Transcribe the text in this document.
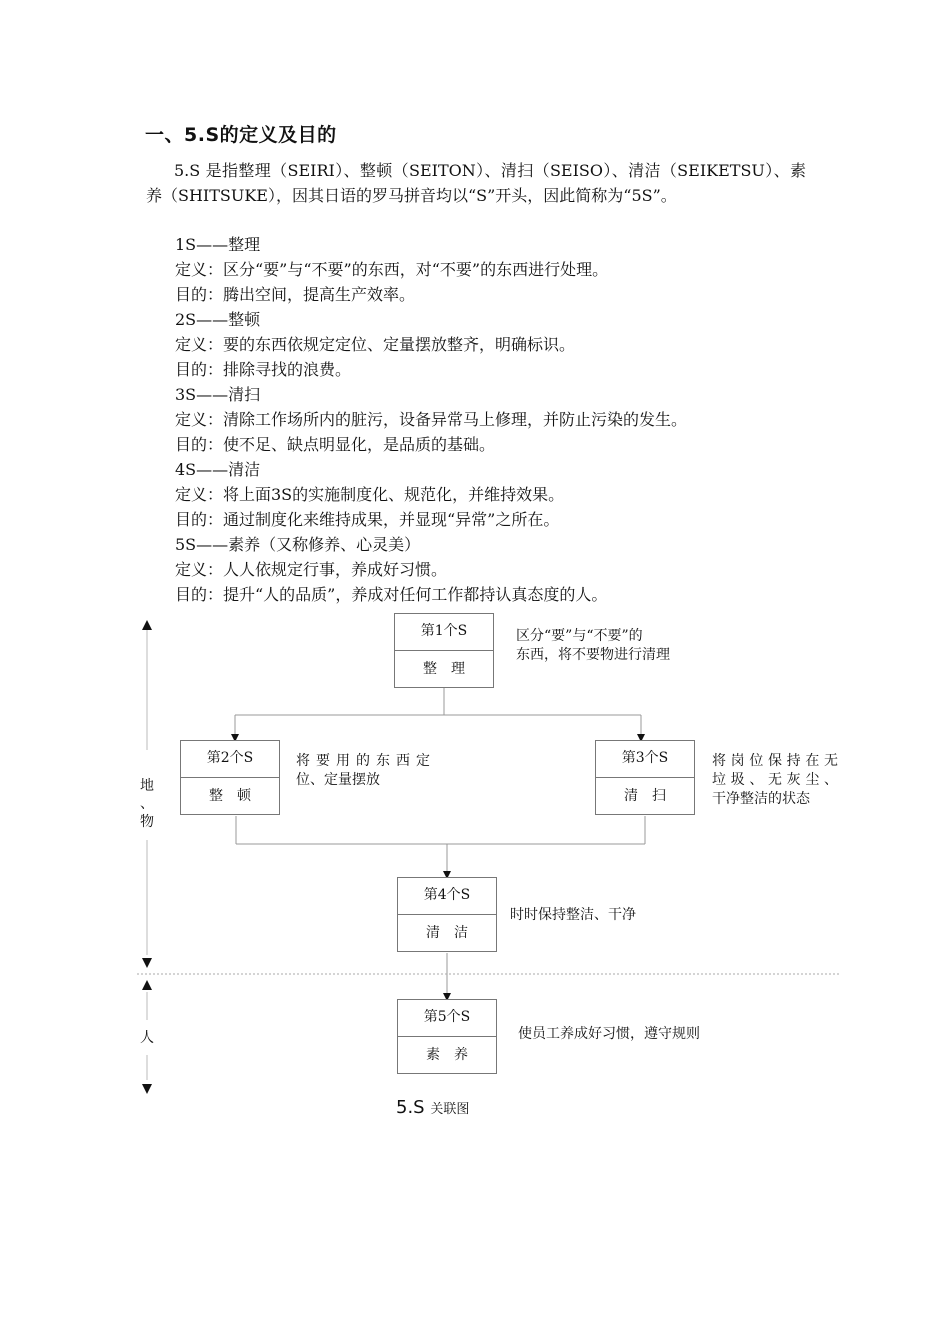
一、5.S的定义及目的
5.S 是指整理（SEIRI）、整顿（SEITON）、清扫（SEISO）、清洁（SEIKETSU）、素养（SHITSUKE），因其日语的罗马拼音均以“S”开头，因此简称为“5S”。
1S——整理
定义：区分“要”与“不要”的东西，对“不要”的东西进行处理。
目的：腾出空间，提高生产效率。
2S——整顿
定义：要的东西依规定定位、定量摆放整齐，明确标识。
目的：排除寻找的浪费。
3S——清扫
定义：清除工作场所内的脏污，设备异常马上修理，并防止污染的发生。
目的：使不足、缺点明显化，是品质的基础。
4S——清洁
定义：将上面3S的实施制度化、规范化，并维持效果。
目的：通过制度化来维持成果，并显现“异常”之所在。
5S——素养（又称修养、心灵美）
定义：人人依规定行事，养成好习惯。
目的：提升“人的品质”，养成对任何工作都持认真态度的人。
第1个S
整理
第2个S
整顿
第3个S
清扫
第4个S
清洁
第5个S
素养
区分“要”与“不要”的
东西，将不要物进行清理
将要用的东西定
位、定量摆放
将岗位保持在无
垃圾、无灰尘、
干净整洁的状态
时时保持整洁、干净
使员工养成好习惯，遵守规则
地
、
物
人
5.S 关联图
